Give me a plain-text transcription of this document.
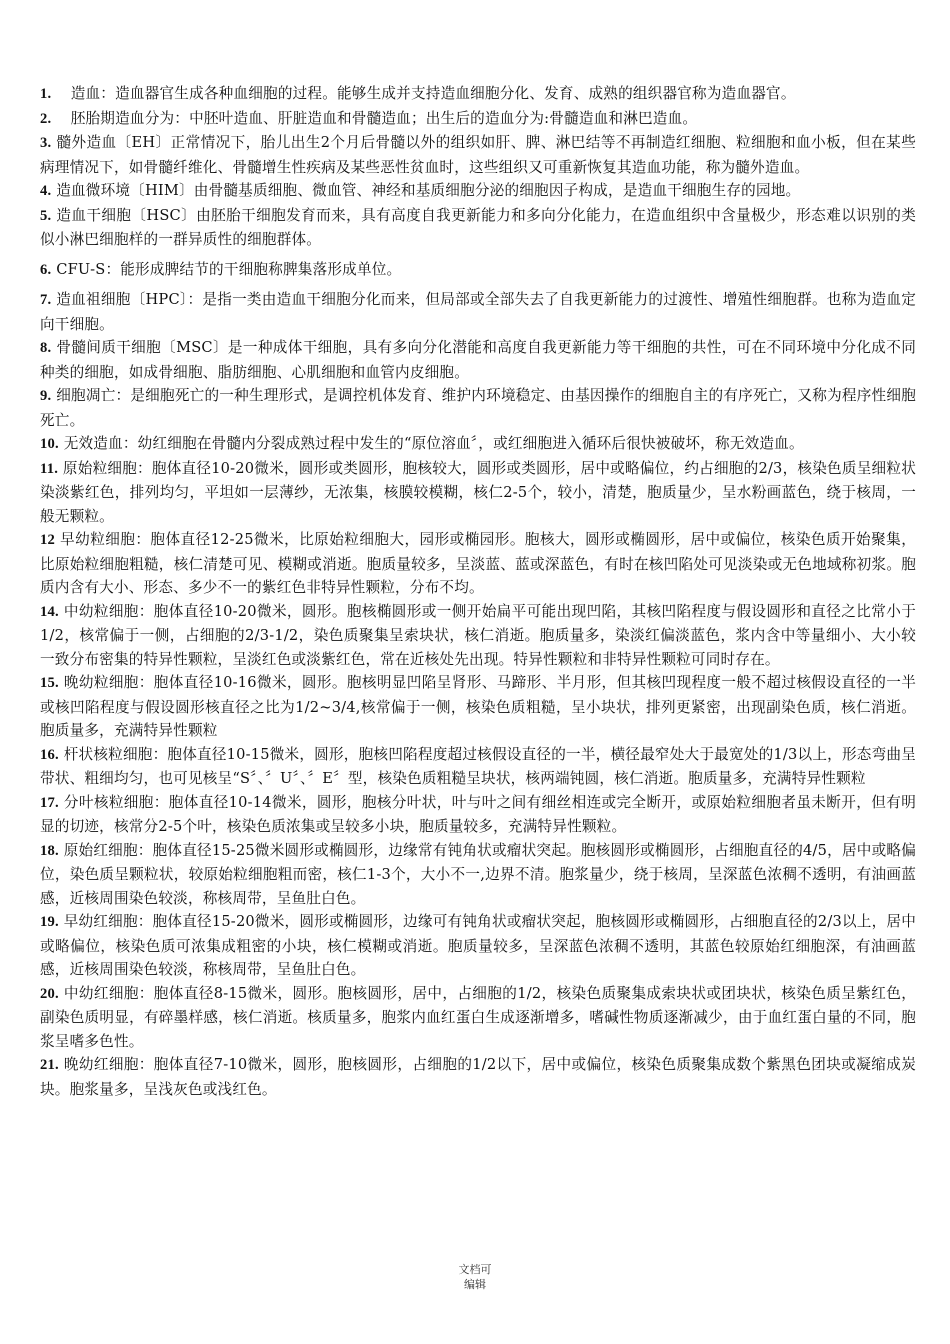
1. 造血：造血器官生成各种血细胞的过程。能够生成并支持造血细胞分化、发育、成熟的组织器官称为造血器官。

2. 胚胎期造血分为：中胚叶造血、肝脏造血和骨髓造血；出生后的造血分为:骨髓造血和淋巴造血。

3. 髓外造血〔EH〕正常情况下，胎儿出生2个月后骨髓以外的组织如肝、脾、淋巴结等不再制造红细胞、粒细胞和血小板，但在某些病理情况下，如骨髓纤维化、骨髓增生性疾病及某些恶性贫血时，这些组织又可重新恢复其造血功能，称为髓外造血。

4. 造血微环境〔HIM〕由骨髓基质细胞、微血管、神经和基质细胞分泌的细胞因子构成，是造血干细胞生存的园地。

5. 造血干细胞〔HSC〕由胚胎干细胞发育而来，具有高度自我更新能力和多向分化能力，在造血组织中含量极少，形态难以识别的类似小淋巴细胞样的一群异质性的细胞群体。

6. CFU-S：能形成脾结节的干细胞称脾集落形成单位。

7. 造血祖细胞〔HPC〕：是指一类由造血干细胞分化而来，但局部或全部失去了自我更新能力的过渡性、增殖性细胞群。也称为造血定向干细胞。

8. 骨髓间质干细胞〔MSC〕是一种成体干细胞，具有多向分化潜能和高度自我更新能力等干细胞的共性，可在不同环境中分化成不同种类的细胞，如成骨细胞、脂肪细胞、心肌细胞和血管内皮细胞。

9. 细胞凋亡：是细胞死亡的一种生理形式，是调控机体发育、维护内环境稳定、由基因操作的细胞自主的有序死亡，又称为程序性细胞死亡。

10. 无效造血：幼红细胞在骨髓内分裂成熟过程中发生的“原位溶血〞，或红细胞进入循环后很快被破坏，称无效造血。

11. 原始粒细胞：胞体直径10-20微米，圆形或类圆形，胞核较大，圆形或类圆形，居中或略偏位，约占细胞的2/3，核染色质呈细粒状染淡紫红色，排列均匀，平坦如一层薄纱，无浓集，核膜较模糊，核仁2-5个，较小，清楚，胞质量少，呈水粉画蓝色，绕于核周，一般无颗粒。

12 早幼粒细胞：胞体直径12-25微米，比原始粒细胞大，园形或椭园形。胞核大，圆形或椭圆形，居中或偏位，核染色质开始聚集，比原始粒细胞粗糙，核仁清楚可见、模糊或消逝。胞质量较多，呈淡蓝、蓝或深蓝色，有时在核凹陷处可见淡染或无色地域称初浆。胞质内含有大小、形态、多少不一的紫红色非特异性颗粒，分布不均。

14. 中幼粒细胞：胞体直径10-20微米，圆形。胞核椭圆形或一侧开始扁平可能出现凹陷，其核凹陷程度与假设圆形和直径之比常小于1/2，核常偏于一侧，占细胞的2/3-1/2，染色质聚集呈索块状，核仁消逝。胞质量多，染淡红偏淡蓝色，浆内含中等量细小、大小较一致分布密集的特异性颗粒，呈淡红色或淡紫红色，常在近核处先出现。特异性颗粒和非特异性颗粒可同时存在。

15. 晚幼粒细胞：胞体直径10-16微米，圆形。胞核明显凹陷呈肾形、马蹄形、半月形，但其核凹现程度一般不超过核假设直径的一半或核凹陷程度与假设圆形核直径之比为1/2~3/4,核常偏于一侧，核染色质粗糙，呈小块状，排列更紧密，出现副染色质，核仁消逝。胞质量多，充满特异性颗粒

16. 杆状核粒细胞：胞体直径10-15微米，圆形，胞核凹陷程度超过核假设直径的一半，横径最窄处大于最宽处的1/3以上，形态弯曲呈带状、粗细均匀，也可见核呈“S〞、〞U〞、〞E〞型，核染色质粗糙呈块状，核两端钝圆，核仁消逝。胞质量多，充满特异性颗粒

17. 分叶核粒细胞：胞体直径10-14微米，圆形，胞核分叶状，叶与叶之间有细丝相连或完全断开，或原始粒细胞者虽未断开，但有明显的切迹，核常分2-5个叶，核染色质浓集或呈较多小块，胞质量较多，充满特异性颗粒。

18. 原始红细胞：胞体直径15-25微米圆形或椭圆形，边缘常有钝角状或瘤状突起。胞核圆形或椭圆形，占细胞直径的4/5，居中或略偏位，染色质呈颗粒状，较原始粒细胞粗而密，核仁1-3个，大小不一,边界不清。胞浆量少，绕于核周，呈深蓝色浓稠不透明，有油画蓝感，近核周围染色较淡，称核周带，呈鱼肚白色。

19. 早幼红细胞：胞体直径15-20微米，圆形或椭圆形，边缘可有钝角状或瘤状突起，胞核圆形或椭圆形，占细胞直径的2/3以上，居中或略偏位，核染色质可浓集成粗密的小块，核仁模糊或消逝。胞质量较多，呈深蓝色浓稠不透明，其蓝色较原始红细胞深，有油画蓝感，近核周围染色较淡，称核周带，呈鱼肚白色。

20. 中幼红细胞：胞体直径8-15微米，圆形。胞核圆形，居中，占细胞的1/2，核染色质聚集成索块状或团块状，核染色质呈紫红色，副染色质明显，有碎墨样感，核仁消逝。核质量多，胞浆内血红蛋白生成逐渐增多，嗜碱性物质逐渐减少，由于血红蛋白量的不同，胞浆呈嗜多色性。

21. 晚幼红细胞：胞体直径7-10微米，圆形，胞核圆形，占细胞的1/2以下，居中或偏位，核染色质聚集成数个紫黑色团块或凝缩成炭块。胞浆量多，呈浅灰色或浅红色。

文档可
编辑
